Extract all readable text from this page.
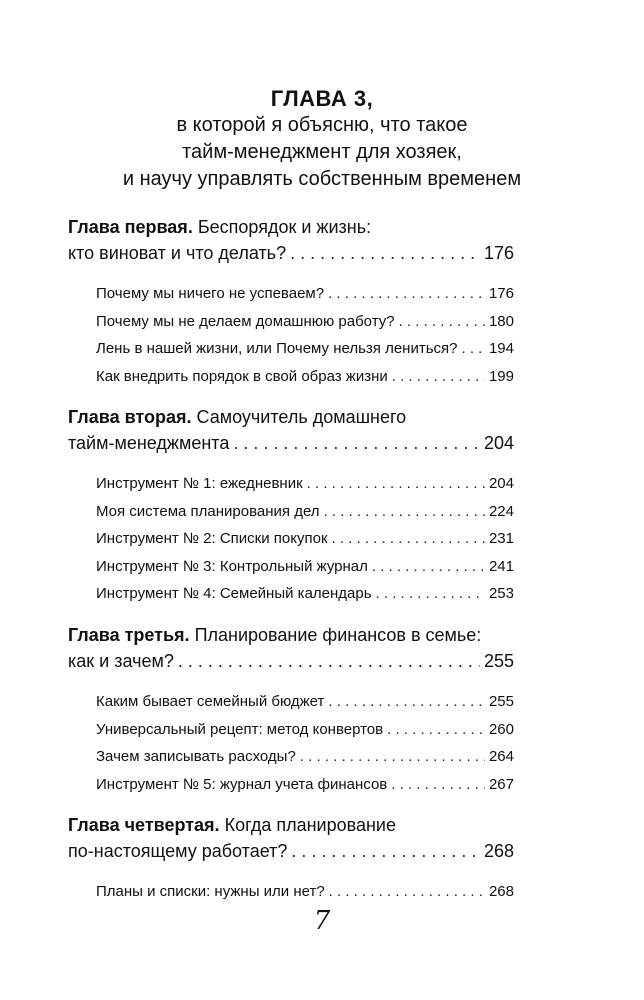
ГЛАВА 3,
в которой я объясню, что такое
тайм-менеджмент для хозяек,
и научу управлять собственным временем
Глава первая. Беспорядок и жизнь:
кто виноват и что делать? . . .	176
Почему мы ничего не успеваем? . . .	176
Почему мы не делаем домашнюю работу? . . .	180
Лень в нашей жизни, или Почему нельзя лениться? . . . 194
Как внедрить порядок в свой образ жизни . . .	199
Глава вторая. Самоучитель домашнего
тайм-менеджмента . . .	204
Инструмент № 1: ежедневник . . .	204
Моя система планирования дел . . .	224
Инструмент № 2: Списки покупок . . .	231
Инструмент № 3: Контрольный журнал . . .	241
Инструмент № 4: Семейный календарь . . .	253
Глава третья. Планирование финансов в семье:
как и зачем? . . .	255
Каким бывает семейный бюджет . . .	255
Универсальный рецепт: метод конвертов . . .	260
Зачем записывать расходы? . . .	264
Инструмент № 5: журнал учета финансов . . .	267
Глава четвертая. Когда планирование
по-настоящему работает? . . .	268
Планы и списки: нужны или нет? . . .	268
7
